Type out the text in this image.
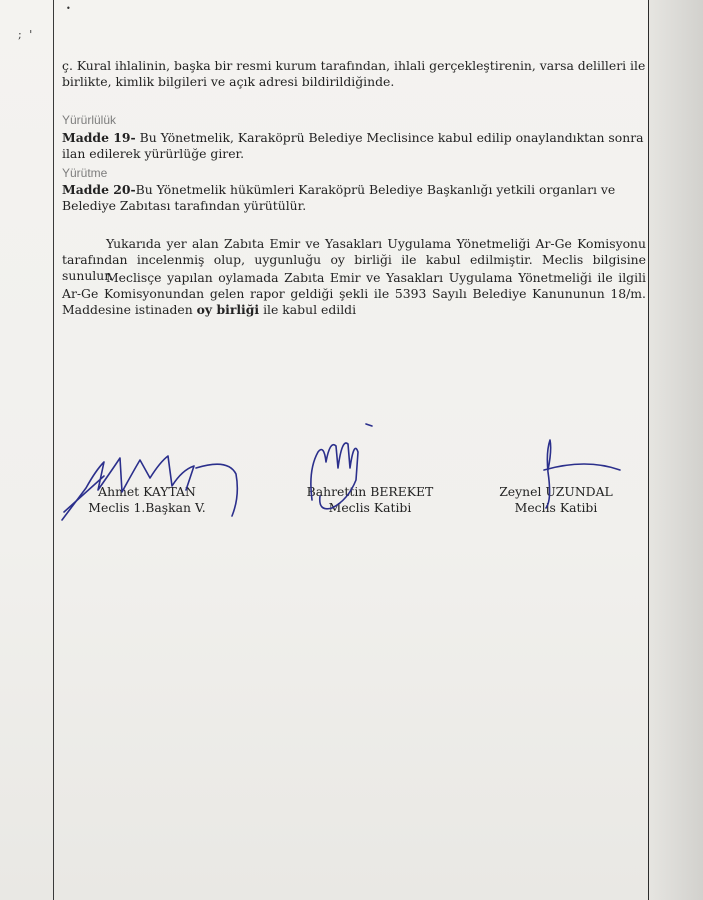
•
; '
ç. Kural ihlalinin, başka bir resmi kurum tarafından, ihlali gerçekleştirenin, varsa delilleri ile birlikte, kimlik bilgileri ve açık adresi bildirildiğinde.
Yürürlülük
Madde 19- Bu Yönetmelik, Karaköprü Belediye Meclisince kabul edilip onaylandıktan sonra ilan edilerek yürürlüğe girer.
Yürütme
Madde 20-Bu Yönetmelik hükümleri Karaköprü Belediye Başkanlığı yetkili organları ve Belediye Zabıtası tarafından yürütülür.
Yukarıda yer alan Zabıta Emir ve Yasakları Uygulama Yönetmeliği Ar-Ge Komisyonu tarafından incelenmiş olup, uygunluğu oy birliği ile kabul edilmiştir. Meclis bilgisine sunulur.
Meclisçe yapılan oylamada Zabıta Emir ve Yasakları Uygulama Yönetmeliği ile ilgili Ar-Ge Komisyonundan gelen rapor geldiği şekli ile 5393 Sayılı Belediye Kanununun 18/m. Maddesine istinaden oy birliği ile kabul edildi
Ahmet KAYTAN
Meclis 1.Başkan V.
Bahrettin BEREKET
Meclis Katibi
Zeynel UZUNDAL
Meclis Katibi
